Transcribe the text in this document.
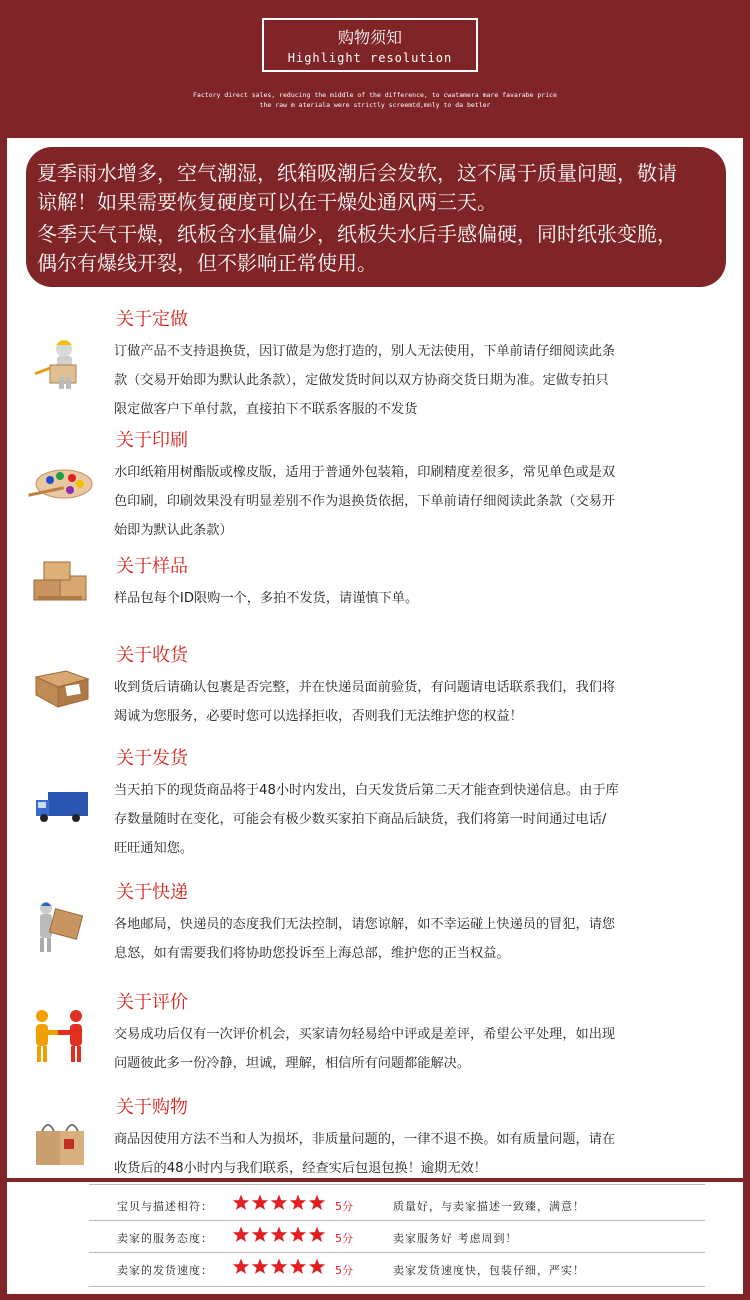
购物须知
Highlight resolution
Factory direct sales, reducing the middle of the difference, to cwatamera mare favarabe price
the raw m ateriala were strictly screemtd,mnly to da betler

夏季雨水增多，空气潮湿，纸箱吸潮后会发软，这不属于质量问题，敬请

谅解！如果需要恢复硬度可以在干燥处通风两三天。

冬季天气干燥，纸板含水量偏少，纸板失水后手感偏硬，同时纸张变脆，

偶尔有爆线开裂，但不影响正常使用。

关于定做
订做产品不支持退换货，因订做是为您打造的，别人无法使用，下单前请仔细阅读此条
款（交易开始即为默认此条款），定做发货时间以双方协商交货日期为准。定做专拍只
限定做客户下单付款，直接拍下不联系客服的不发货
关于印刷
水印纸箱用树酯版或橡皮版，适用于普通外包装箱，印刷精度差很多，常见单色或是双
色印刷，印刷效果没有明显差别不作为退换货依据，下单前请仔细阅读此条款（交易开
始即为默认此条款）
关于样品
样品包每个ID限购一个，多拍不发货，请谨慎下单。
关于收货
收到货后请确认包裹是否完整，并在快递员面前验货，有问题请电话联系我们，我们将
竭诚为您服务，必要时您可以选择拒收，否则我们无法维护您的权益！
关于发货
当天拍下的现货商品将于48小时内发出，白天发货后第二天才能查到快递信息。由于库
存数量随时在变化，可能会有极少数买家拍下商品后缺货，我们将第一时间通过电话/
旺旺通知您。
关于快递
各地邮局，快递员的态度我们无法控制，请您谅解，如不幸运碰上快递员的冒犯，请您
息怒，如有需要我们将协助您投诉至上海总部，维护您的正当权益。
关于评价
交易成功后仅有一次评价机会，买家请勿轻易给中评或是差评，希望公平处理，如出现
问题彼此多一份冷静，坦诚，理解，相信所有问题都能解决。
关于购物
商品因使用方法不当和人为损坏，非质量问题的，一律不退不换。如有质量问题，请在
收货后的48小时内与我们联系，经查实后包退包换！逾期无效！
宝贝与描述相符：	5分	质量好，与卖家描述一致臻，满意！
卖家的服务态度：	5分	卖家服务好 考虑周到！
卖家的发货速度：	5分	卖家发货速度快，包装仔细，严实！
